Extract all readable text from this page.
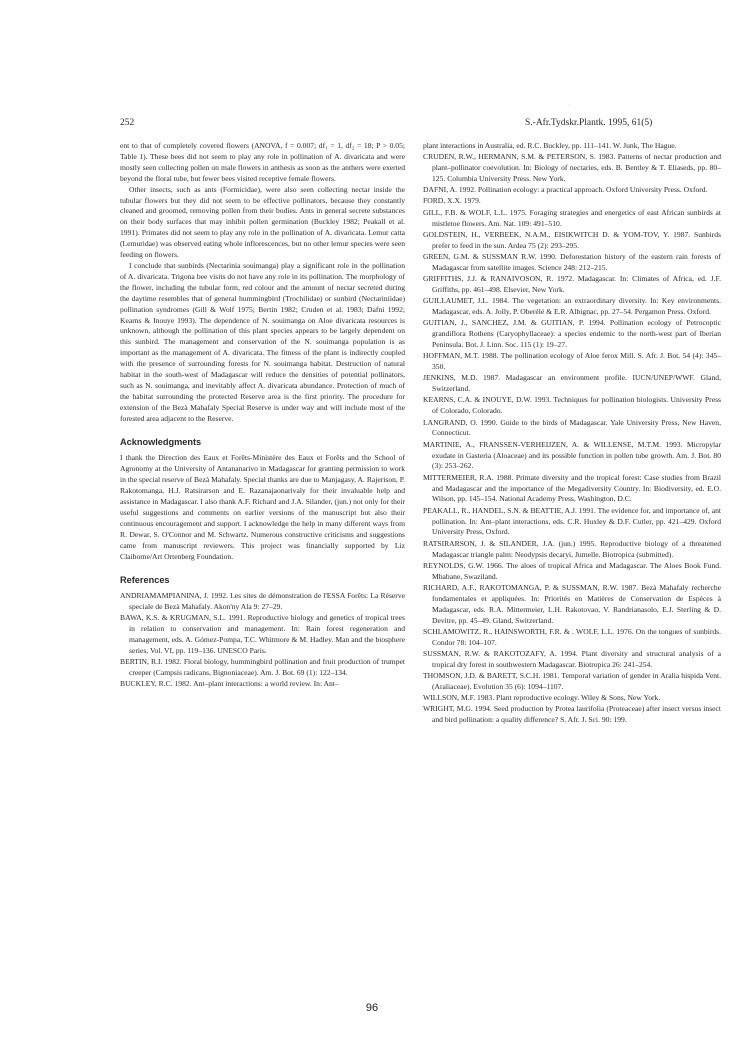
252	S.-Afr.Tydskr.Plantk. 1995, 61(5)
·

ent to that of completely covered flowers (ANOVA, f = 0.007; df₁ = 1, df₂ = 18; P > 0.05; Table 1). These bees did not seem to play any role in pollination of A. divaricata and were mostly seen collecting pollen on male flowers in anthesis as soon as the anthers were exerted beyond the floral tube, but fewer bees visited receptive female flowers.

Other insects, such as ants (Formicidae), were also seen collecting nectar inside the tubular flowers but they did not seem to be effective pollinators, because they constantly cleaned and groomed, removing pollen from their bodies. Ants in general secrete substances on their body surfaces that may inhibit pollen germination (Buckley 1982; Peakall et al. 1991). Primates did not seem to play any role in the pollination of A. divaricata. Lemur catta (Lemuridae) was observed eating whole inflorescences, but no other lemur species were seen feeding on flowers.

I conclude that sunbirds (Nectarinia souimanga) play a significant role in the pollination of A. divaricata. Trigona bee visits do not have any role in its pollination. The morphology of the flower, including the tubular form, red colour and the amount of nectar secreted during the daytime resembles that of general hummingbird (Trochilidae) or sunbird (Nectariniidae) pollination syndromes (Gill & Wolf 1975; Bertin 1982; Cruden et al. 1983; Dafni 1992; Kearns & Inouye 1993). The dependence of N. souimanga on Aloe divaricata resources is unknown, although the pollination of this plant species appears to be largely dependent on this sunbird. The management and conservation of the N. souimanga population is as important as the management of A. divaricata. The fitness of the plant is indirectly coupled with the presence of surrounding forests for N. souimanga habitat. Destruction of natural habitat in the south-west of Madagascar will reduce the densities of potential pollinators, such as N. souimanga, and inevitably affect A. divaricata abundance. Protection of much of the habitat surrounding the protected Reserve area is the first priority. The procedure for extension of the Bezà Mahafaly Special Reserve is under way and will include most of the forested area adjacent to the Reserve.

Acknowledgments

I thank the Direction des Eaux et Forêts-Ministère des Eaux et Forêts and the School of Agronomy at the University of Antananarivo in Madagascar for granting permission to work in the special reserve of Bezà Mahafaly. Special thanks are due to Manjagasy, A. Rajerison, P. Rakotomanga, H.J. Ratsirarson and E. Razanajaonarivaly for their invaluable help and assistance in Madagascar. I also thank A.F. Richard and J.A. Silander, (jun.) not only for their useful suggestions and comments on earlier versions of the manuscript but also their continuous encouragement and support. I acknowledge the help in many different ways from R. Dewar, S. O'Connor and M. Schwartz. Numerous constructive criticisms and suggestions came from manuscript reviewers. This project was financially supported by Liz Claiborne/Art Ortenberg Foundation.

References

ANDRIAMAMPIANINA, J. 1992. Les sites de démonstration de l'ESSA Forêts: La Réserve speciale de Bezà Mahafaly. Akon'ny Ala 9: 27–29.

BAWA, K.S. & KRUGMAN, S.L. 1991. Reproductive biology and genetics of tropical trees in relation to conservation and management. In: Rain forest regeneration and management, eds. A. Gómez-Pompa, T.C. Whitmore & M. Hadley. Man and the biosphere series, Vol. VI, pp. 119–136. UNESCO Paris.

BERTIN, R.I. 1982. Floral biology, hummingbird pollination and fruit production of trumpet creeper (Campsis radicans, Bignoniaceae). Am. J. Bot. 69 (1): 122–134.

BUCKLEY, R.C. 1982. Ant–plant interactions: a world review. In: Ant–

plant interactions in Australia, ed. R.C. Buckley, pp. 111–141. W. Junk, The Hague.

CRUDEN, R.W., HERMANN, S.M. & PETERSON, S. 1983. Patterns of nectar production and plant–pollinator coevolution. In: Biology of nectaries, eds. B. Bentley & T. Eliaseds, pp. 80–125. Columbia University Press. New York.

DAFNI, A. 1992. Pollination ecology: a practical approach. Oxford University Press. Oxford.

FORD, X.X. 1979.

GILL, F.B. & WOLF, L.L. 1975. Foraging strategies and energetics of east African sunbirds at mistletoe flowers. Am. Nat. 109: 491–510.

GOLDSTEIN, H., VERBEEK, N.A.M., EISIKWITCH D. & YOM-TOV, Y. 1987. Sunbirds prefer to feed in the sun. Ardea 75 (2): 293–295.

GREEN, G.M. & SUSSMAN R.W. 1990. Deforestation history of the eastern rain forests of Madagascar from satellite images. Science 248: 212–215.

GRIFFITHS, J.J. & RANAIVOSON, R. 1972. Madagascar. In: Climates of Africa, ed. J.F. Griffiths, pp. 461–498. Elsevier, New York.

GUILLAUMET, J.L. 1984. The vegetation: an extraordinary diversity. In: Key environments. Madagascar, eds. A. Jolly, P. Oberélé & E.R. Albignac, pp. 27–54. Pergamon Press. Oxford.

GUITIAN, J., SANCHEZ, J.M. & GUITIAN, P. 1994. Pollination ecology of Petrocoptic grandiflora Rothens (Caryophyllaceae): a species endemic to the north-west part of Iberian Peninsula. Bot. J. Linn. Soc. 115 (1): 19–27.

HOFFMAN, M.T. 1988. The pollination ecology of Aloe ferox Mill. S. Afr. J. Bot. 54 (4): 345–350.

JENKINS, M.D. 1987. Madagascar an environment profile. IUCN/UNEP/WWF. Gland, Switzerland.

KEARNS, C.A. & INOUYE, D.W. 1993. Techniques for pollination biologists. University Press of Colorado, Colorado.

LANGRAND, O. 1990. Guide to the birds of Madagascar. Yale University Press, New Haven, Connecticut.

MARTINIE, A., FRANSSEN-VERHEIJZEN, A. & WILLENSE, M.T.M. 1993. Micropylar exudate in Gasteria (Aloaceae) and its possible function in pollen tube growth. Am. J. Bot. 80 (3): 253–262.

MITTERMEIER, R.A. 1988. Primate diversity and the tropical forest: Case studies from Brazil and Madagascar and the importance of the Megadiversity Country. In: Biodiversity, ed. E.O. Wilson, pp. 145–154. National Academy Press, Washington, D.C.

PEAKALL, R., HANDEL, S.N. & BEATTIE, A.J. 1991. The evidence for, and importance of, ant pollination. In: Ant–plant interactions, eds. C.R. Huxley & D.F. Cutler, pp. 421–429. Oxford University Press, Oxford.

RATSIRARSON, J. & SILANDER, J.A. (jun.) 1995. Reproductive biology of a threatened Madagascar triangle palm: Neodypsis decaryi, Jumelle. Biotropica (submitted).

REYNOLDS, G.W. 1966. The aloes of tropical Africa and Madagascar. The Aloes Book Fund. Mbabane, Swaziland.

RICHARD, A.F., RAKOTOMANGA, P. & SUSSMAN, R.W. 1987. Bezà Mahafaly recherche fondamentales et appliquées. In: Priorités en Matières de Conservation de Espèces à Madagascar, eds. R.A. Mittermeier, L.H. Rakotovao, V. Randrianasolo, E.J. Sterling & D. Devitre, pp. 45–49. Gland, Switzerland.

SCHLAMOWITZ, R., HAINSWORTH, F.R. & . WOLF, L.L. 1976. On the tongues of sunbirds. Condor 78: 104–107.

SUSSMAN, R.W. & RAKOTOZAFY, A. 1994. Plant diversity and structural analysis of a tropical dry forest in southwestern Madagascar. Biotropica 26: 241–254.

THOMSON, J.D. & BARETT, S.C.H. 1981. Temporal variation of gender in Aralia hispida Vent. (Araliaceae). Evolution 35 (6): 1094–1107.

WILLSON, M.F. 1983. Plant reproductive ecology. Wiley & Sons, New York.

WRIGHT, M.G. 1994. Seed production by Protea laurifolia (Proteaceae) after insect versus insect and bird pollination: a quality difference? S. Afr. J. Sci. 90: 199.

96
